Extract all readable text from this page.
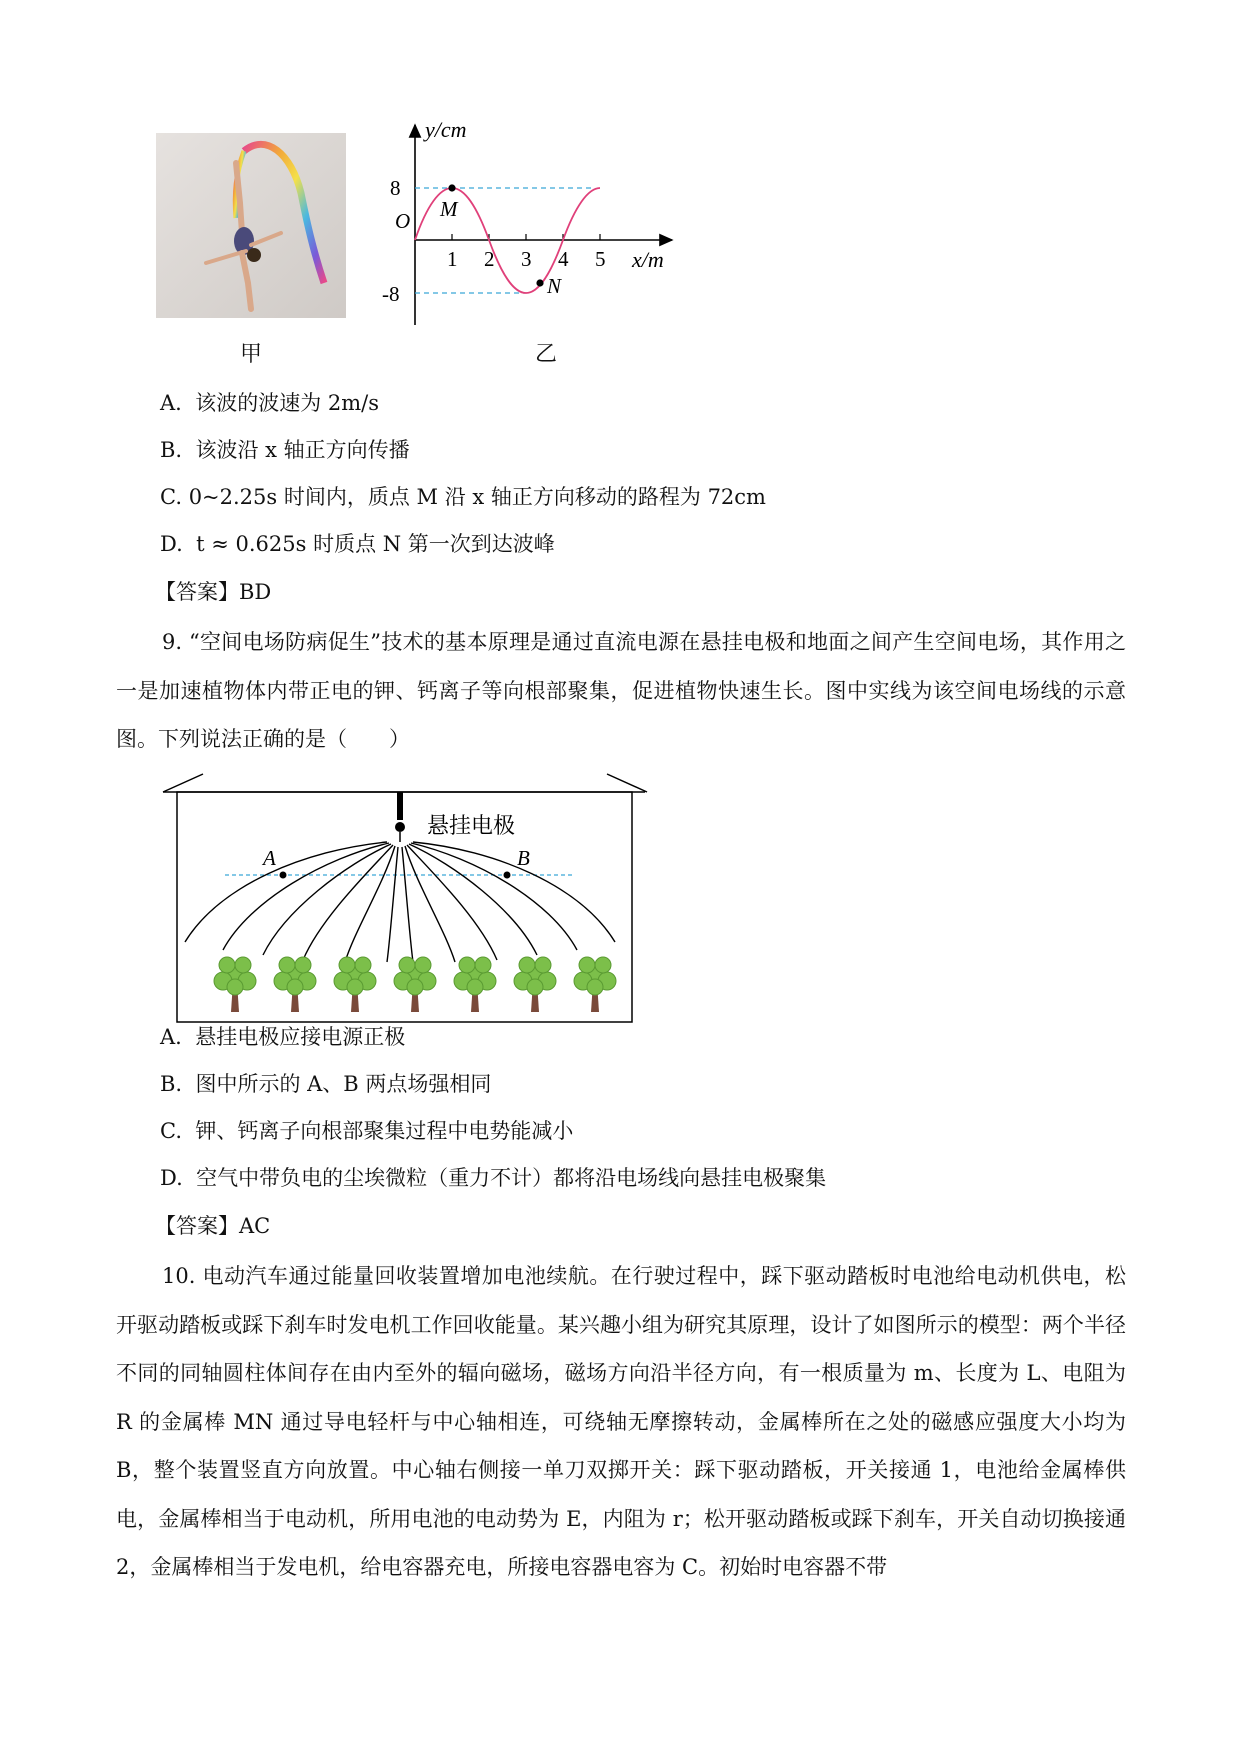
甲
y/cm
x/m
O
8
-8
1 2 3 4 5
M
N
乙
A. 该波的波速为 2m/s
B. 该波沿 x 轴正方向传播
C. 0~2.25s 时间内，质点 M 沿 x 轴正方向移动的路程为 72cm
D. t ≈ 0.625s 时质点 N 第一次到达波峰
【答案】BD
9. “空间电场防病促生”技术的基本原理是通过直流电源在悬挂电极和地面之间产生空间电场，其作用之一是加速植物体内带正电的钾、钙离子等向根部聚集，促进植物快速生长。图中实线为该空间电场线的示意图。下列说法正确的是（　　）
悬挂电极
A	B
A. 悬挂电极应接电源正极
B. 图中所示的 A、B 两点场强相同
C. 钾、钙离子向根部聚集过程中电势能减小
D. 空气中带负电的尘埃微粒（重力不计）都将沿电场线向悬挂电极聚集
【答案】AC
10. 电动汽车通过能量回收装置增加电池续航。在行驶过程中，踩下驱动踏板时电池给电动机供电，松开驱动踏板或踩下刹车时发电机工作回收能量。某兴趣小组为研究其原理，设计了如图所示的模型：两个半径不同的同轴圆柱体间存在由内至外的辐向磁场，磁场方向沿半径方向，有一根质量为 m、长度为 L、电阻为 R 的金属棒 MN 通过导电轻杆与中心轴相连，可绕轴无摩擦转动，金属棒所在之处的磁感应强度大小均为 B，整个装置竖直方向放置。中心轴右侧接一单刀双掷开关：踩下驱动踏板，开关接通 1，电池给金属棒供电，金属棒相当于电动机，所用电池的电动势为 E，内阻为 r；松开驱动踏板或踩下刹车，开关自动切换接通 2，金属棒相当于发电机，给电容器充电，所接电容器电容为 C。初始时电容器不带
